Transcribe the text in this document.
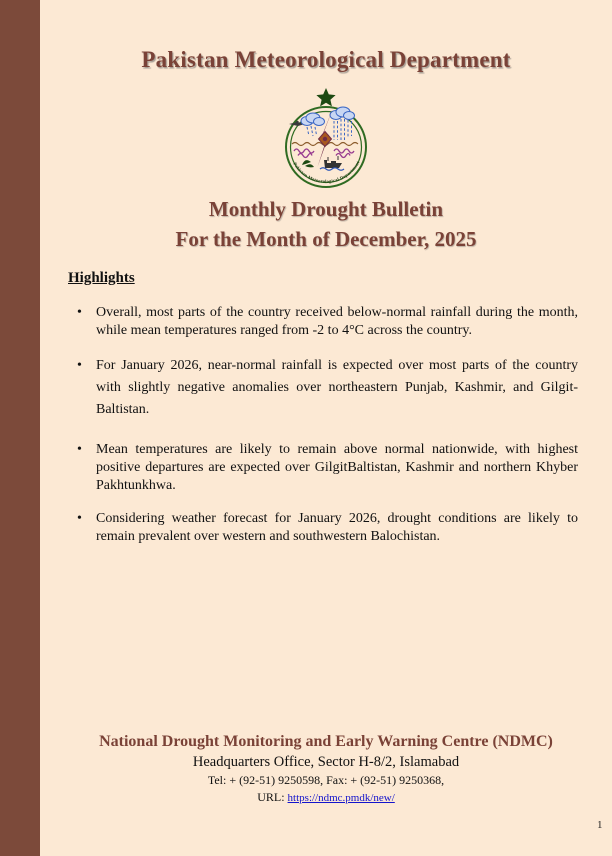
Pakistan Meteorological Department
Pakistan Meteorological Department
Monthly Drought Bulletin
For the Month of December, 2025
Highlights
• Overall, most parts of the country received below-normal rainfall during the month, while mean temperatures ranged from -2 to 4°C across the country.
• For January 2026, near-normal rainfall is expected over most parts of the country with slightly negative anomalies over northeastern Punjab, Kashmir, and Gilgit-Baltistan.
• Mean temperatures are likely to remain above normal nationwide, with highest positive departures are expected over GilgitBaltistan, Kashmir and northern Khyber Pakhtunkhwa.
• Considering weather forecast for January 2026, drought conditions are likely to remain prevalent over western and southwestern Balochistan.
National Drought Monitoring and Early Warning Centre (NDMC)
Headquarters Office, Sector H-8/2, Islamabad
Tel: + (92-51) 9250598, Fax: + (92-51) 9250368,
URL: https://ndmc.pmdk/new/
1
